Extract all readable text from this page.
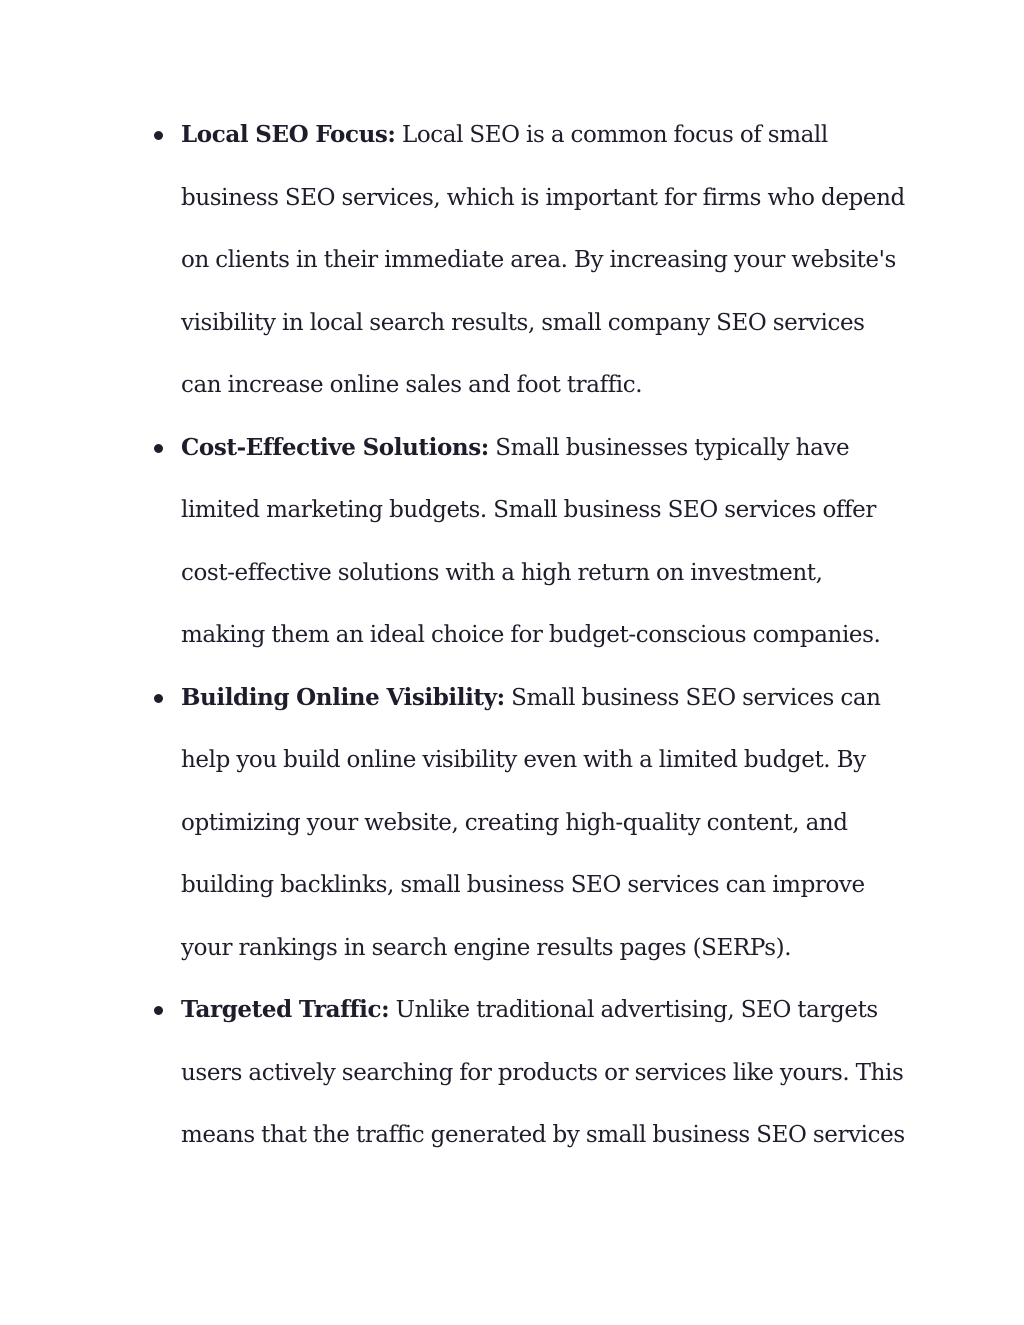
Local SEO Focus: Local SEO is a common focus of small business SEO services, which is important for firms who depend on clients in their immediate area. By increasing your website's visibility in local search results, small company SEO services can increase online sales and foot traffic.
Cost-Effective Solutions: Small businesses typically have limited marketing budgets. Small business SEO services offer cost-effective solutions with a high return on investment, making them an ideal choice for budget-conscious companies.
Building Online Visibility: Small business SEO services can help you build online visibility even with a limited budget. By optimizing your website, creating high-quality content, and building backlinks, small business SEO services can improve your rankings in search engine results pages (SERPs).
Targeted Traffic: Unlike traditional advertising, SEO targets users actively searching for products or services like yours. This means that the traffic generated by small business SEO services
